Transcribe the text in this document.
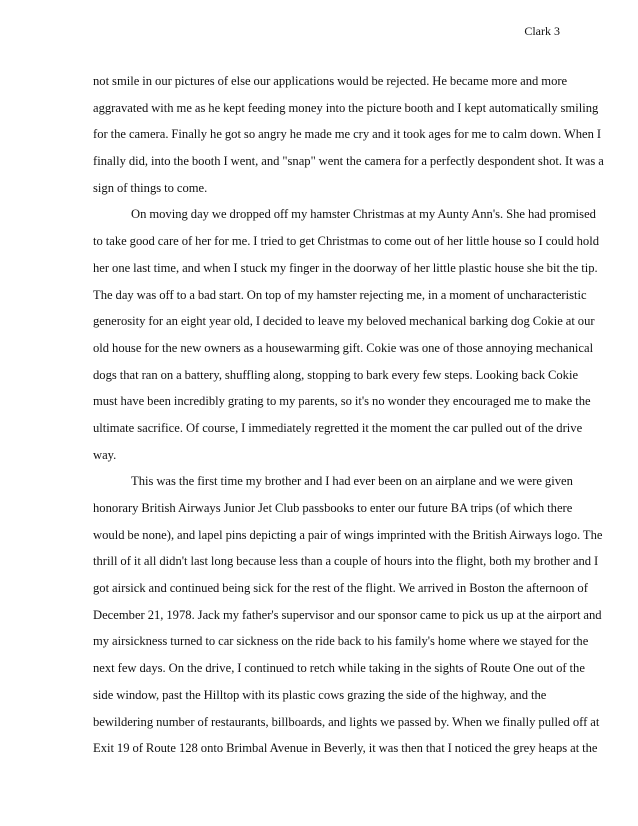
Clark 3
not smile in our pictures of else our applications would be rejected. He became more and more
aggravated with me as he kept feeding money into the picture booth and I kept automatically smiling
for the camera. Finally he got so angry he made me cry and it took ages for me to calm down. When I
finally did, into the booth I went, and "snap" went the camera for a perfectly despondent shot. It was a
sign of things to come.
On moving day we dropped off my hamster Christmas at my Aunty Ann's. She had promised
to take good care of her for me. I tried to get Christmas to come out of her little house so I could hold
her one last time, and when I stuck my finger in the doorway of her little plastic house she bit the tip.
The day was off to a bad start. On top of my hamster rejecting me, in a moment of uncharacteristic
generosity for an eight year old, I decided to leave my beloved mechanical barking dog Cokie at our
old house for the new owners as a housewarming gift. Cokie was one of those annoying mechanical
dogs that ran on a battery, shuffling along, stopping to bark every few steps. Looking back Cokie
must have been incredibly grating to my parents, so it's no wonder they encouraged me to make the
ultimate sacrifice. Of course, I immediately regretted it the moment the car pulled out of the drive
way.
This was the first time my brother and I had ever been on an airplane and we were given
honorary British Airways Junior Jet Club passbooks to enter our future BA trips (of which there
would be none), and lapel pins depicting a pair of wings imprinted with the British Airways logo. The
thrill of it all didn't last long because less than a couple of hours into the flight, both my brother and I
got airsick and continued being sick for the rest of the flight. We arrived in Boston the afternoon of
December 21, 1978. Jack my father's supervisor and our sponsor came to pick us up at the airport and
my airsickness turned to car sickness on the ride back to his family's home where we stayed for the
next few days. On the drive, I continued to retch while taking in the sights of Route One out of the
side window, past the Hilltop with its plastic cows grazing the side of the highway, and the
bewildering number of restaurants, billboards, and lights we passed by. When we finally pulled off at
Exit 19 of Route 128 onto Brimbal Avenue in Beverly, it was then that I noticed the grey heaps at the
